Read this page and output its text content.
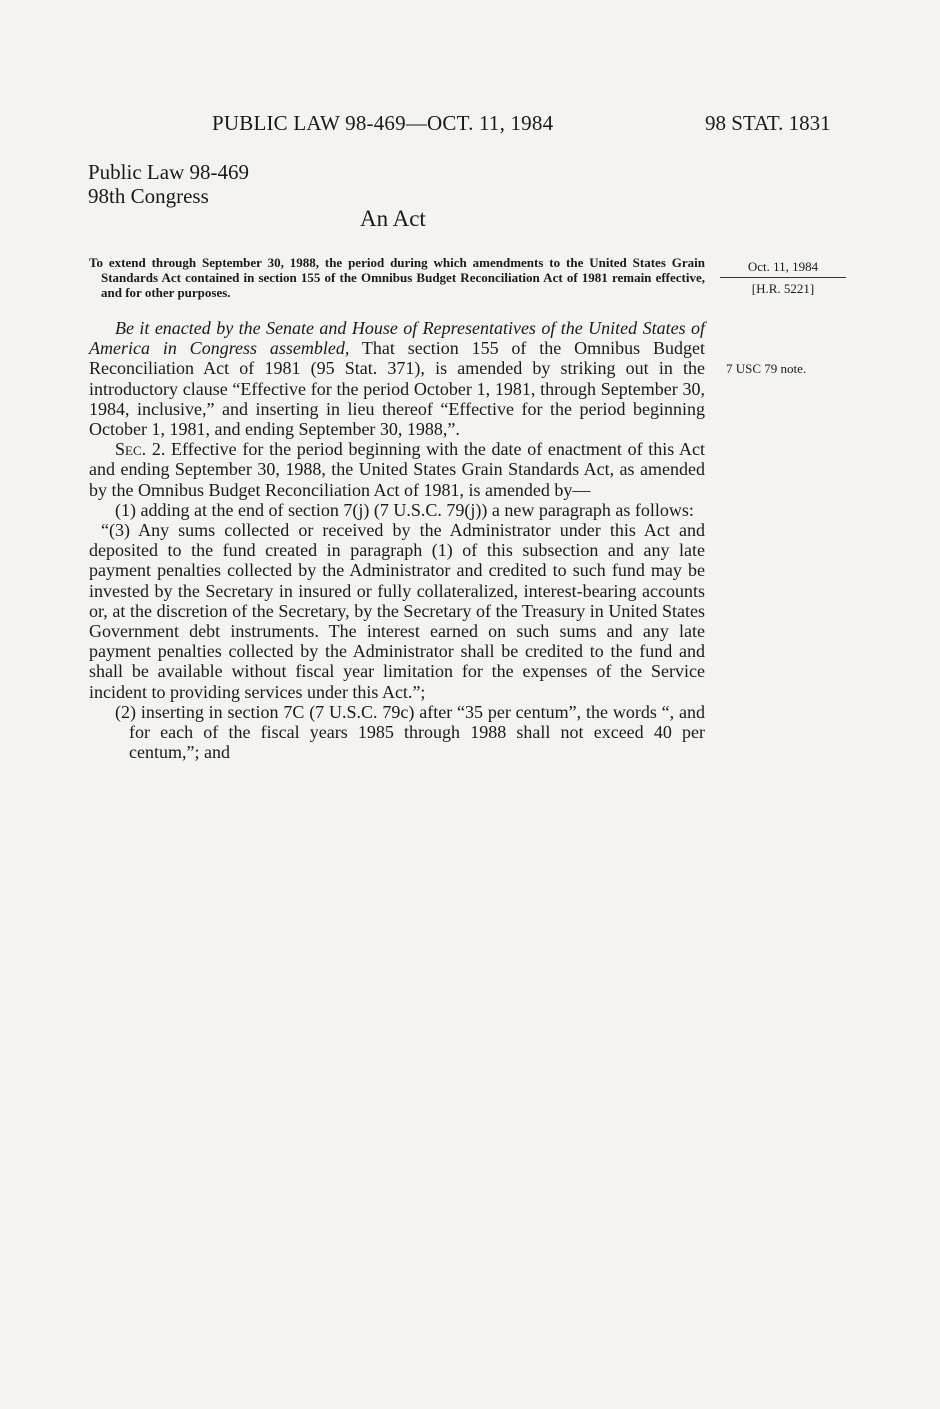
PUBLIC LAW 98-469—OCT. 11, 1984	98 STAT. 1831
Public Law 98-469
98th Congress
An Act
To extend through September 30, 1988, the period during which amendments to the United States Grain Standards Act contained in section 155 of the Omnibus Budget Reconciliation Act of 1981 remain effective, and for other purposes.
Oct. 11, 1984
[H.R. 5221]
7 USC 79 note.

Be it enacted by the Senate and House of Representatives of the United States of America in Congress assembled, That section 155 of the Omnibus Budget Reconciliation Act of 1981 (95 Stat. 371), is amended by striking out in the introductory clause “Effective for the period October 1, 1981, through September 30, 1984, inclusive,” and inserting in lieu thereof “Effective for the period beginning October 1, 1981, and ending September 30, 1988,”.

Sec. 2. Effective for the period beginning with the date of enactment of this Act and ending September 30, 1988, the United States Grain Standards Act, as amended by the Omnibus Budget Reconciliation Act of 1981, is amended by—

(1) adding at the end of section 7(j) (7 U.S.C. 79(j)) a new paragraph as follows:

“(3) Any sums collected or received by the Administrator under this Act and deposited to the fund created in paragraph (1) of this subsection and any late payment penalties collected by the Administrator and credited to such fund may be invested by the Secretary in insured or fully collateralized, interest-bearing accounts or, at the discretion of the Secretary, by the Secretary of the Treasury in United States Government debt instruments. The interest earned on such sums and any late payment penalties collected by the Administrator shall be credited to the fund and shall be available without fiscal year limitation for the expenses of the Service incident to providing services under this Act.”;

(2) inserting in section 7C (7 U.S.C. 79c) after “35 per centum”, the words “, and for each of the fiscal years 1985 through 1988 shall not exceed 40 per centum,”; and
